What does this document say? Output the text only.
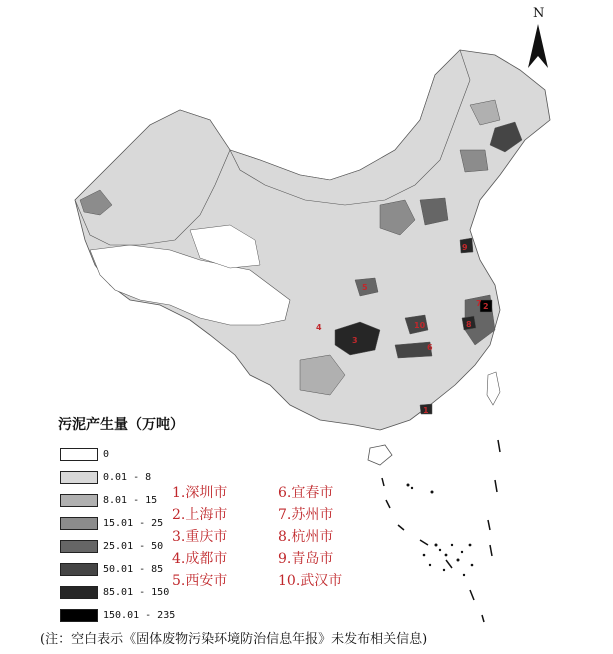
1
2
3
4
5
6
7
8
9
10
N
污泥产生量（万吨）
0
0.01 - 8
8.01 - 15
15.01 - 25
25.01 - 50
50.01 - 85
85.01 - 150
150.01 - 235
1.深圳市
2.上海市
3.重庆市
4.成都市
5.西安市
6.宜春市
7.苏州市
8.杭州市
9.青岛市
10.武汉市
(注：空白表示《固体废物污染环境防治信息年报》未发布相关信息)
